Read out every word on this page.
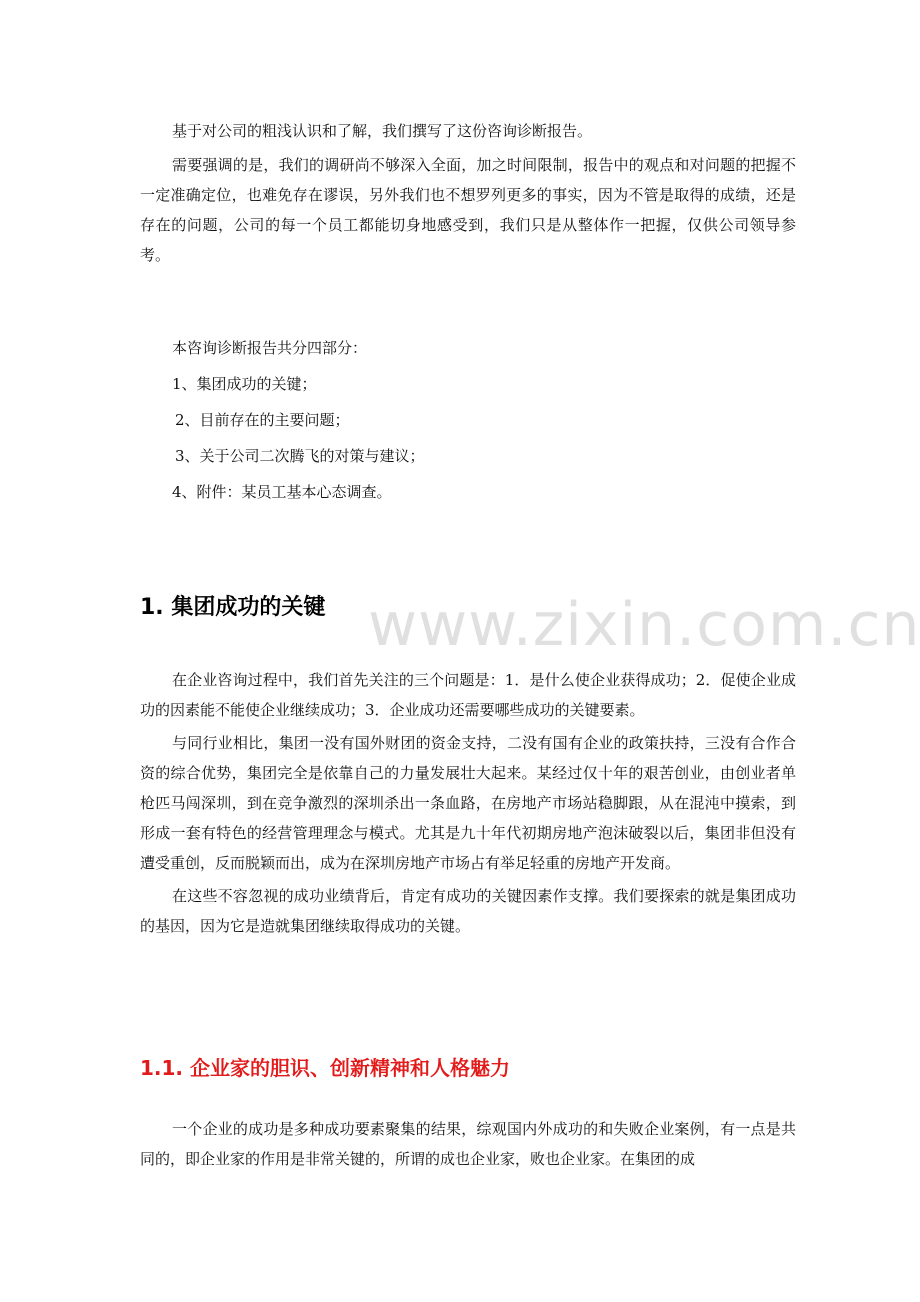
基于对公司的粗浅认识和了解，我们撰写了这份咨询诊断报告。

需要强调的是，我们的调研尚不够深入全面，加之时间限制，报告中的观点和对问题的把握不一定准确定位，也难免存在谬误，另外我们也不想罗列更多的事实，因为不管是取得的成绩，还是存在的问题，公司的每一个员工都能切身地感受到，我们只是从整体作一把握，仅供公司领导参考。

本咨询诊断报告共分四部分：

1、集团成功的关键；

2、目前存在的主要问题；

3、关于公司二次腾飞的对策与建议；

4、附件：某员工基本心态调查。

1. 集团成功的关键 www.zixin.com.cn

在企业咨询过程中，我们首先关注的三个问题是：1．是什么使企业获得成功；2．促使企业成功的因素能不能使企业继续成功；3．企业成功还需要哪些成功的关键要素。

与同行业相比，集团一没有国外财团的资金支持，二没有国有企业的政策扶持，三没有合作合资的综合优势，集团完全是依靠自己的力量发展壮大起来。某经过仅十年的艰苦创业，由创业者单枪匹马闯深圳，到在竞争激烈的深圳杀出一条血路，在房地产市场站稳脚跟，从在混沌中摸索，到形成一套有特色的经营管理理念与模式。尤其是九十年代初期房地产泡沫破裂以后，集团非但没有遭受重创，反而脱颖而出，成为在深圳房地产市场占有举足轻重的房地产开发商。

在这些不容忽视的成功业绩背后，肯定有成功的关键因素作支撑。我们要探索的就是集团成功的基因，因为它是造就集团继续取得成功的关键。

1.1. 企业家的胆识、创新精神和人格魅力

一个企业的成功是多种成功要素聚集的结果，综观国内外成功的和失败企业案例，有一点是共同的，即企业家的作用是非常关键的，所谓的成也企业家，败也企业家。在集团的成
